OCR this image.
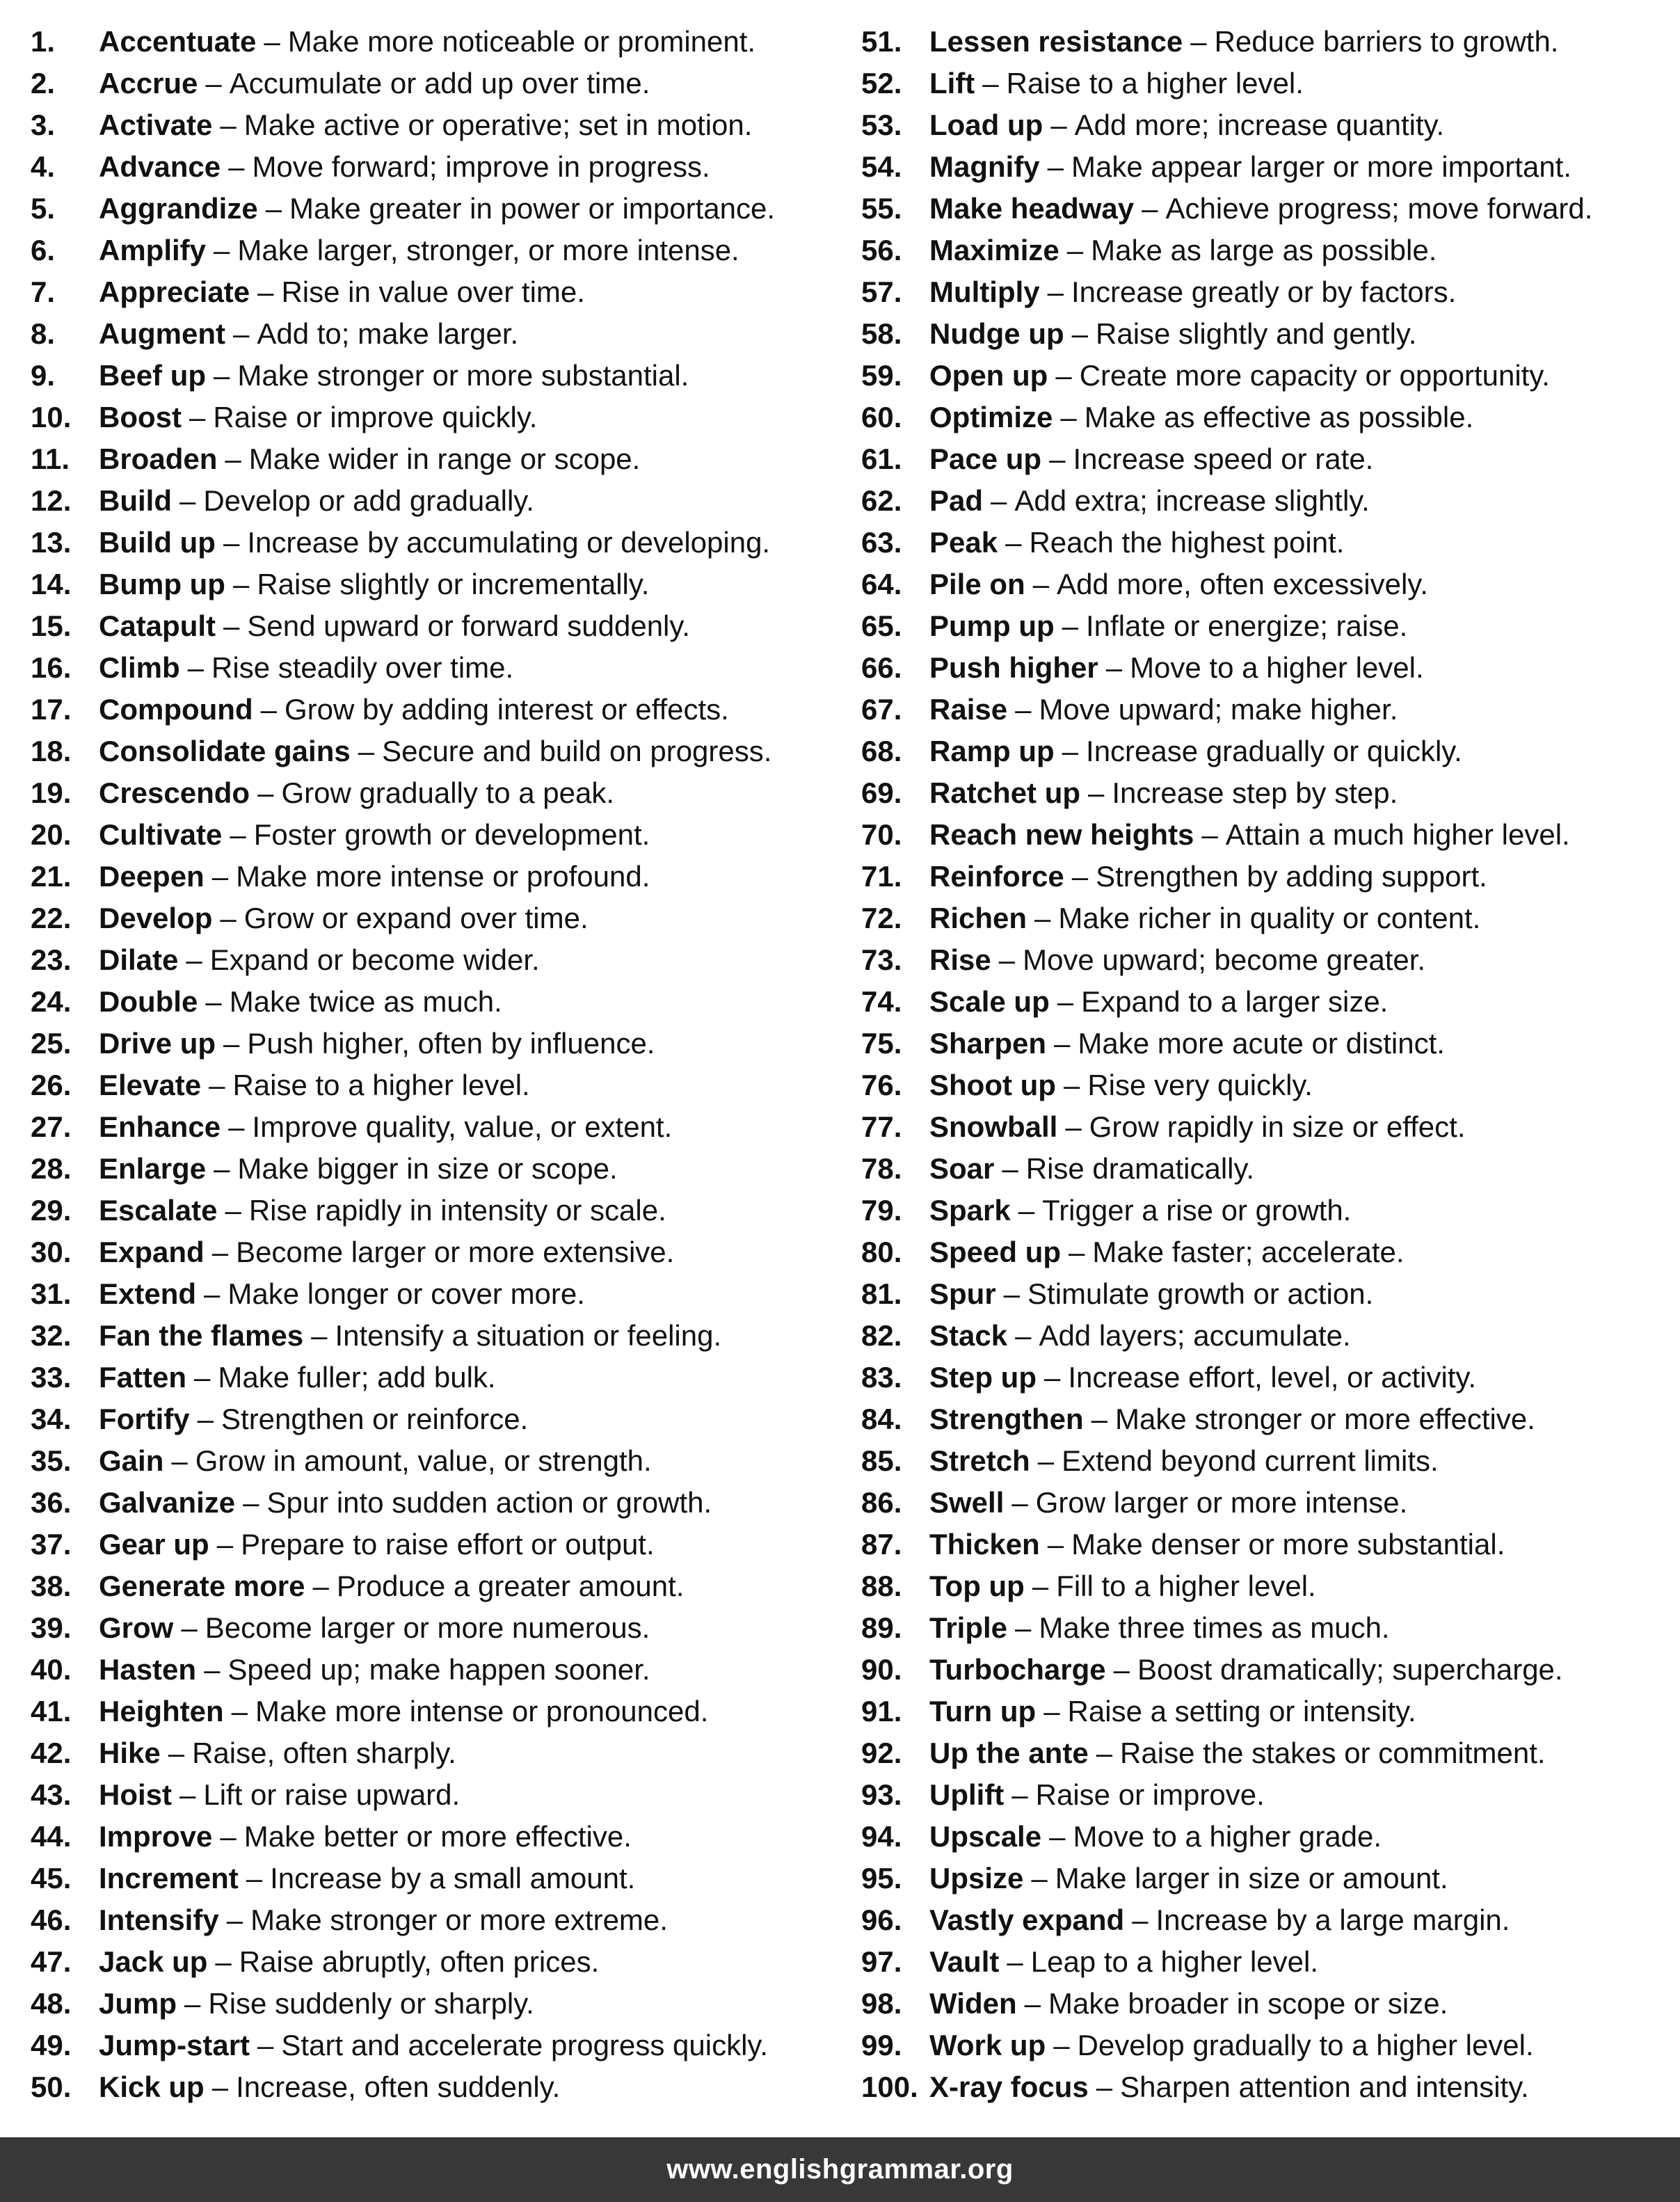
1.	Accentuate – Make more noticeable or prominent.
2.	Accrue – Accumulate or add up over time.
3.	Activate – Make active or operative; set in motion.
4.	Advance – Move forward; improve in progress.
5.	Aggrandize – Make greater in power or importance.
6.	Amplify – Make larger, stronger, or more intense.
7.	Appreciate – Rise in value over time.
8.	Augment – Add to; make larger.
9.	Beef up – Make stronger or more substantial.
10. Boost – Raise or improve quickly.
11. Broaden – Make wider in range or scope.
12. Build – Develop or add gradually.
13. Build up – Increase by accumulating or developing.
14. Bump up – Raise slightly or incrementally.
15. Catapult – Send upward or forward suddenly.
16. Climb – Rise steadily over time.
17. Compound – Grow by adding interest or effects.
18. Consolidate gains – Secure and build on progress.
19. Crescendo – Grow gradually to a peak.
20. Cultivate – Foster growth or development.
21. Deepen – Make more intense or profound.
22. Develop – Grow or expand over time.
23. Dilate – Expand or become wider.
24. Double – Make twice as much.
25. Drive up – Push higher, often by influence.
26. Elevate – Raise to a higher level.
27. Enhance – Improve quality, value, or extent.
28. Enlarge – Make bigger in size or scope.
29. Escalate – Rise rapidly in intensity or scale.
30. Expand – Become larger or more extensive.
31. Extend – Make longer or cover more.
32. Fan the flames – Intensify a situation or feeling.
33. Fatten – Make fuller; add bulk.
34. Fortify – Strengthen or reinforce.
35. Gain – Grow in amount, value, or strength.
36. Galvanize – Spur into sudden action or growth.
37. Gear up – Prepare to raise effort or output.
38. Generate more – Produce a greater amount.
39. Grow – Become larger or more numerous.
40. Hasten – Speed up; make happen sooner.
41. Heighten – Make more intense or pronounced.
42. Hike – Raise, often sharply.
43. Hoist – Lift or raise upward.
44. Improve – Make better or more effective.
45. Increment – Increase by a small amount.
46. Intensify – Make stronger or more extreme.
47. Jack up – Raise abruptly, often prices.
48. Jump – Rise suddenly or sharply.
49. Jump-start – Start and accelerate progress quickly.
50. Kick up – Increase, often suddenly.
51. Lessen resistance – Reduce barriers to growth.
52. Lift – Raise to a higher level.
53. Load up – Add more; increase quantity.
54. Magnify – Make appear larger or more important.
55. Make headway – Achieve progress; move forward.
56. Maximize – Make as large as possible.
57. Multiply – Increase greatly or by factors.
58. Nudge up – Raise slightly and gently.
59. Open up – Create more capacity or opportunity.
60. Optimize – Make as effective as possible.
61. Pace up – Increase speed or rate.
62. Pad – Add extra; increase slightly.
63. Peak – Reach the highest point.
64. Pile on – Add more, often excessively.
65. Pump up – Inflate or energize; raise.
66. Push higher – Move to a higher level.
67. Raise – Move upward; make higher.
68. Ramp up – Increase gradually or quickly.
69. Ratchet up – Increase step by step.
70. Reach new heights – Attain a much higher level.
71. Reinforce – Strengthen by adding support.
72. Richen – Make richer in quality or content.
73. Rise – Move upward; become greater.
74. Scale up – Expand to a larger size.
75. Sharpen – Make more acute or distinct.
76. Shoot up – Rise very quickly.
77. Snowball – Grow rapidly in size or effect.
78. Soar – Rise dramatically.
79. Spark – Trigger a rise or growth.
80. Speed up – Make faster; accelerate.
81. Spur – Stimulate growth or action.
82. Stack – Add layers; accumulate.
83. Step up – Increase effort, level, or activity.
84. Strengthen – Make stronger or more effective.
85. Stretch – Extend beyond current limits.
86. Swell – Grow larger or more intense.
87. Thicken – Make denser or more substantial.
88. Top up – Fill to a higher level.
89. Triple – Make three times as much.
90. Turbocharge – Boost dramatically; supercharge.
91. Turn up – Raise a setting or intensity.
92. Up the ante – Raise the stakes or commitment.
93. Uplift – Raise or improve.
94. Upscale – Move to a higher grade.
95. Upsize – Make larger in size or amount.
96. Vastly expand – Increase by a large margin.
97. Vault – Leap to a higher level.
98. Widen – Make broader in scope or size.
99. Work up – Develop gradually to a higher level.
100. X-ray focus – Sharpen attention and intensity.
www.englishgrammar.org
